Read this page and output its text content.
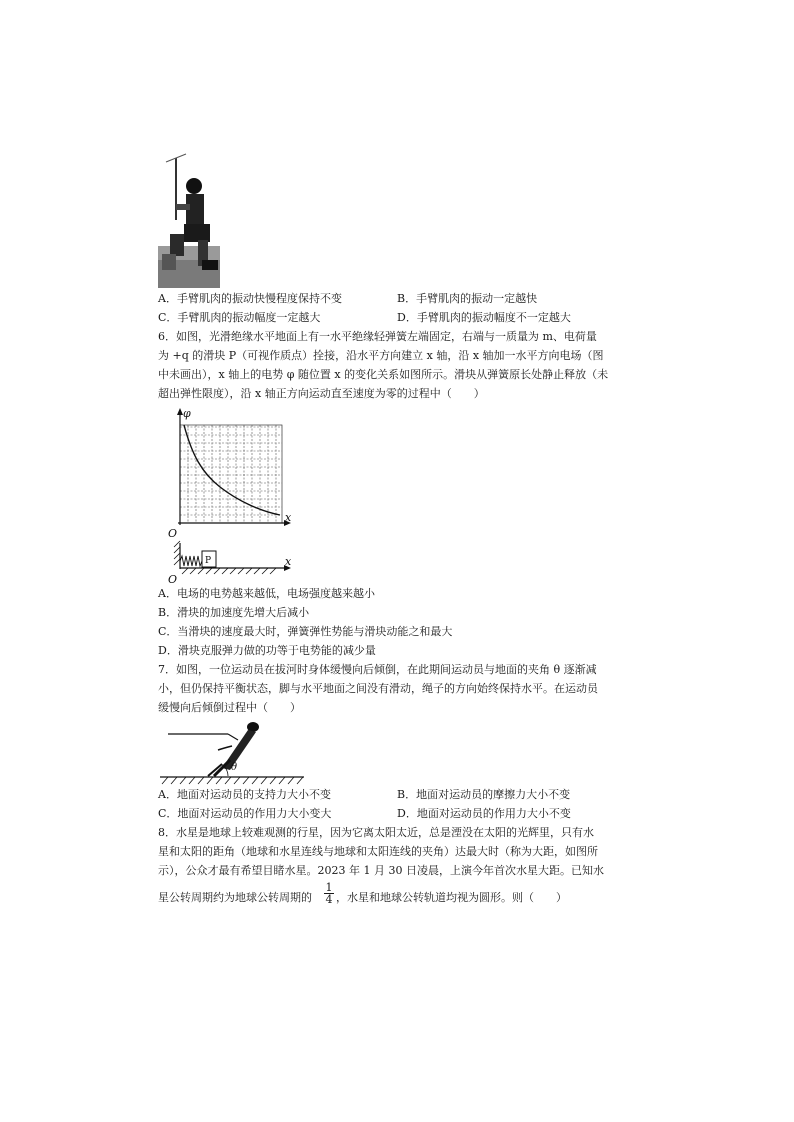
A．手臂肌肉的振动快慢程度保持不变	B．手臂肌肉的振动一定越快
C．手臂肌肉的振动幅度一定越大	D．手臂肌肉的振动幅度不一定越大
6．如图，光滑绝缘水平地面上有一水平绝缘轻弹簧左端固定，右端与一质量为 m、电荷量
为 +q 的滑块 P（可视作质点）拴接，沿水平方向建立 x 轴，沿 x 轴加一水平方向电场（图
中未画出），x 轴上的电势 φ 随位置 x 的变化关系如图所示。滑块从弹簧原长处静止释放（未
超出弹性限度），沿 x 轴正方向运动直至速度为零的过程中（　　）
φ
x
O
P	x
O
A．电场的电势越来越低，电场强度越来越小
B．滑块的加速度先增大后减小
C．当滑块的速度最大时，弹簧弹性势能与滑块动能之和最大
D．滑块克服弹力做的功等于电势能的减少量
7．如图，一位运动员在拔河时身体缓慢向后倾倒，在此期间运动员与地面的夹角 θ 逐渐减
小，但仍保持平衡状态，脚与水平地面之间没有滑动，绳子的方向始终保持水平。在运动员
缓慢向后倾倒过程中（　　）
θ
A．地面对运动员的支持力大小不变	B．地面对运动员的摩擦力大小不变
C．地面对运动员的作用力大小变大	D．地面对运动员的作用力大小不变
8．水星是地球上较难观测的行星，因为它离太阳太近，总是湮没在太阳的光辉里，只有水
星和太阳的距角（地球和水星连线与地球和太阳连线的夹角）达最大时（称为大距，如图所
示），公众才最有希望目睹水星。2023 年 1 月 30 日凌晨，上演今年首次水星大距。已知水
星公转周期约为地球公转周期的 $\frac{1}{4}$ ，水星和地球公转轨道均视为圆形。则（　　）
